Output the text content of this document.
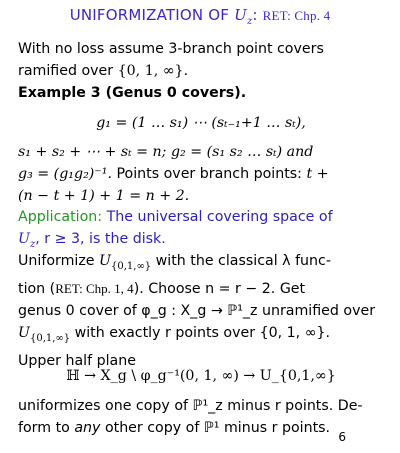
UNIFORMIZATION OF $U_z$: RET: Chp. 4
With no loss assume 3-branch point covers
ramified over {0, 1, ∞}.
Example 3 (Genus 0 covers).
g₁ = (1 … s₁) ⋯ (sₜ₋₁+1 … sₜ),
s₁ + s₂ + ⋯ + sₜ = n; g₂ = (s₁ s₂ … sₜ) and
g₃ = (g₁g₂)⁻¹. Points over branch points: t +
(n − t + 1) + 1 = n + 2.
Application: The universal covering space of
$U_z$, r ≥ 3, is the disk.
Uniformize $U_{\{0,1,\infty\}}$ with the classical λ func-
tion (RET: Chp. 1, 4). Choose n = r − 2. Get
genus 0 cover of φ_g : X_g → ℙ¹_z unramified over
$U_{\{0,1,\infty\}}$ with exactly r points over {0, 1, ∞}.
Upper half plane
ℍ → X_g \ φ_g⁻¹(0, 1, ∞) → U_{0,1,∞}
uniformizes one copy of ℙ¹_z minus r points. De-
form to any other copy of ℙ¹ minus r points.
6
